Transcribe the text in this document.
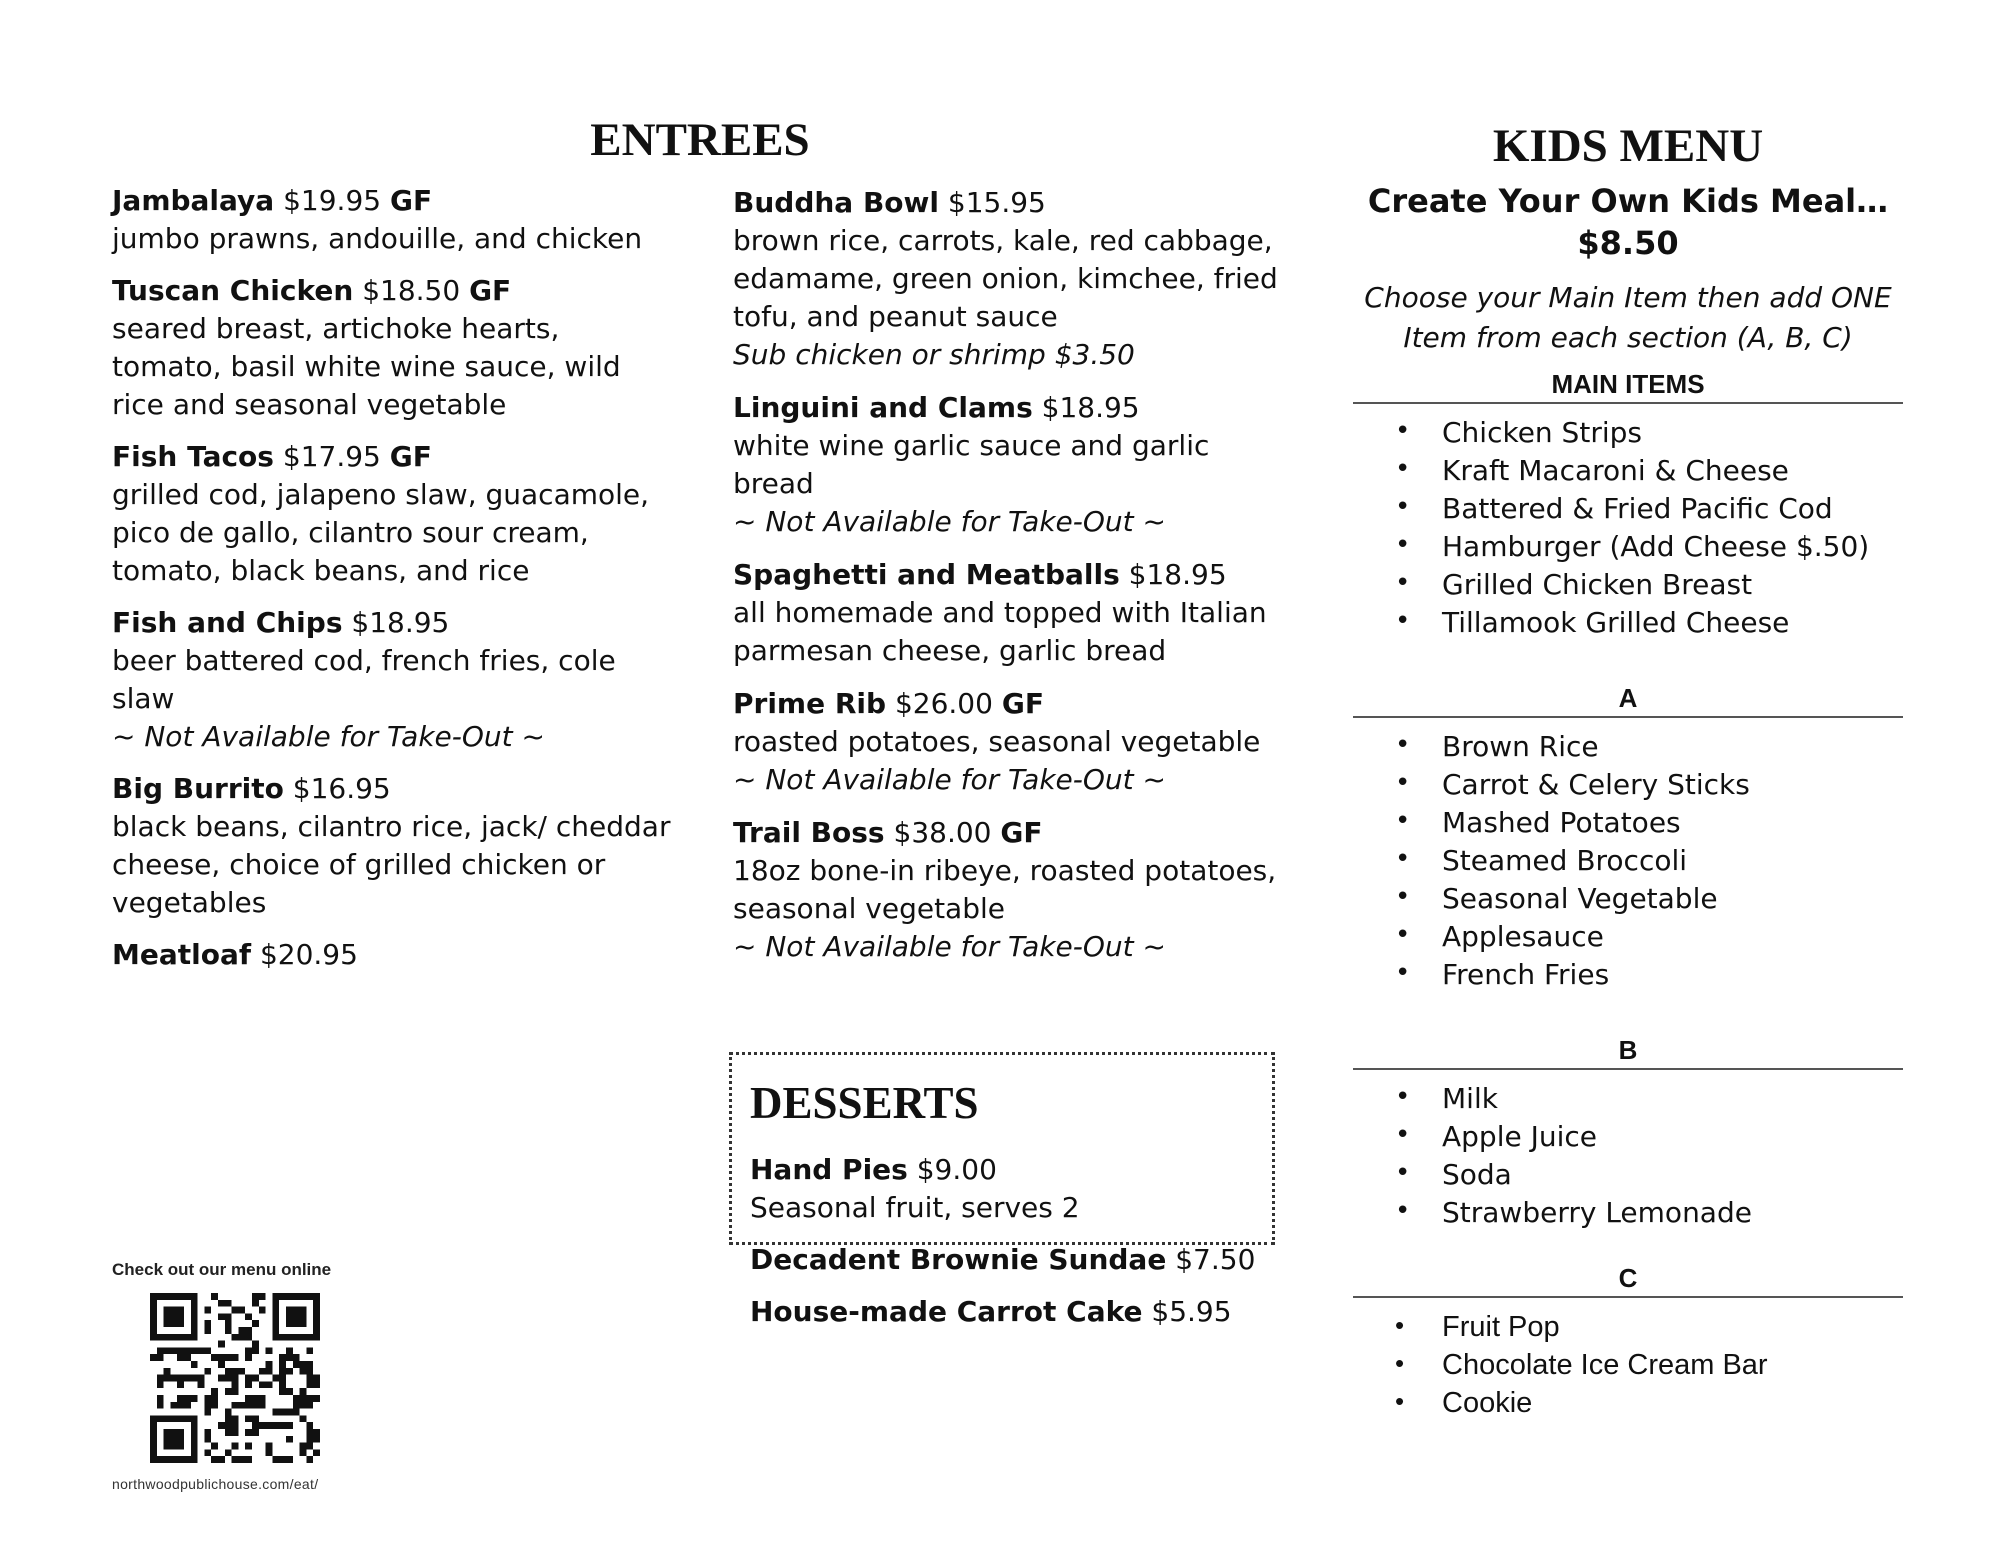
ENTREES
Jambalaya $19.95 GF
jumbo prawns, andouille, and chicken
Tuscan Chicken $18.50 GF
seared breast, artichoke hearts, tomato, basil white wine sauce, wild rice and seasonal vegetable
Fish Tacos $17.95 GF
grilled cod, jalapeno slaw, guacamole, pico de gallo, cilantro sour cream, tomato, black beans, and rice
Fish and Chips $18.95
beer battered cod, french fries, cole slaw
~ Not Available for Take-Out ~
Big Burrito $16.95
black beans, cilantro rice, jack/ cheddar cheese, choice of grilled chicken or vegetables
Meatloaf $20.95
Buddha Bowl $15.95
brown rice, carrots, kale, red cabbage, edamame, green onion, kimchee, fried tofu, and peanut sauce
Sub chicken or shrimp $3.50
Linguini and Clams $18.95
white wine garlic sauce and garlic bread
~ Not Available for Take-Out ~
Spaghetti and Meatballs $18.95
all homemade and topped with Italian parmesan cheese, garlic bread
Prime Rib $26.00 GF
roasted potatoes, seasonal vegetable
~ Not Available for Take-Out ~
Trail Boss $38.00 GF
18oz bone-in ribeye, roasted potatoes, seasonal vegetable
~ Not Available for Take-Out ~
DESSERTS
Hand Pies $9.00
Seasonal fruit, serves 2
Decadent Brownie Sundae $7.50
House-made Carrot Cake $5.95
Check out our menu online
northwoodpublichouse.com/eat/
KIDS MENU
Create Your Own Kids Meal…
$8.50
Choose your Main Item then add ONE
Item from each section (A, B, C)
MAIN ITEMS
• Chicken Strips
• Kraft Macaroni & Cheese
• Battered & Fried Pacific Cod
• Hamburger (Add Cheese $.50)
• Grilled Chicken Breast
• Tillamook Grilled Cheese
A
• Brown Rice
• Carrot & Celery Sticks
• Mashed Potatoes
• Steamed Broccoli
• Seasonal Vegetable
• Applesauce
• French Fries
B
• Milk
• Apple Juice
• Soda
• Strawberry Lemonade
C
• Fruit Pop
• Chocolate Ice Cream Bar
• Cookie
